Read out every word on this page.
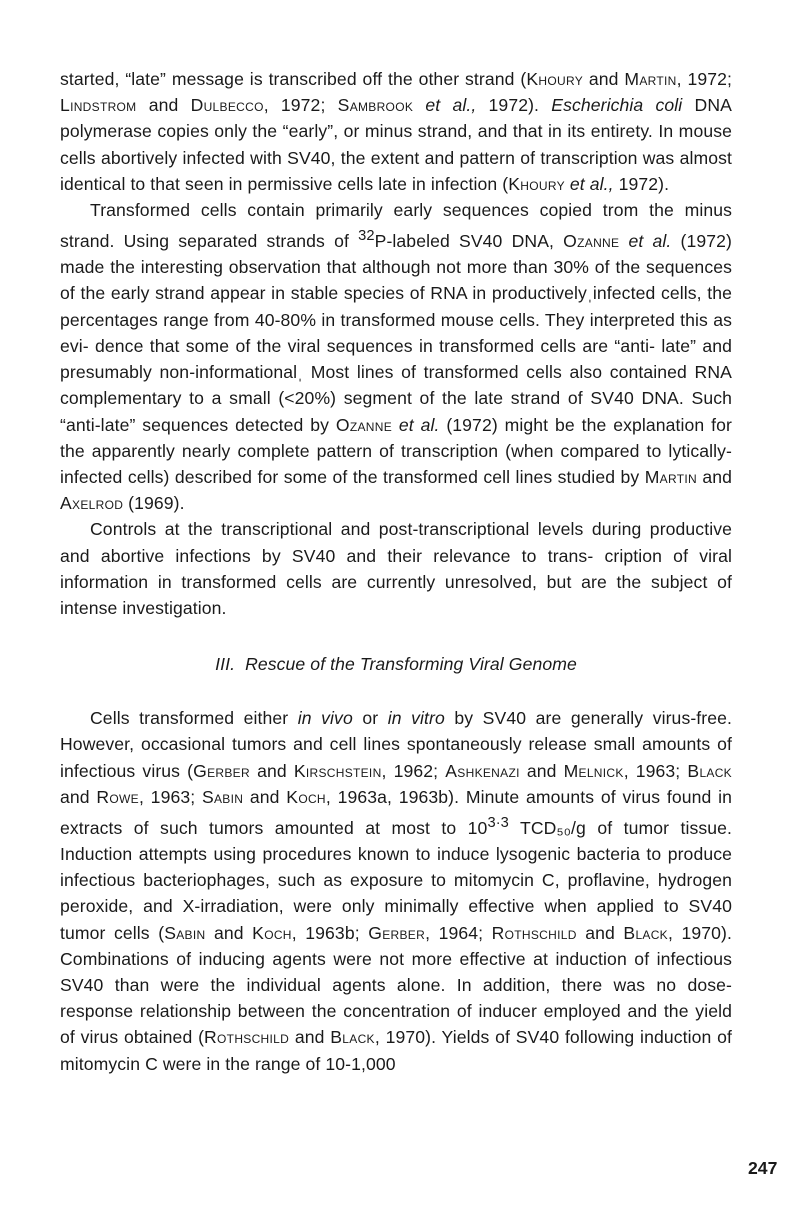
started, “late” message is transcribed off the other strand (Khoury and Martin, 1972; Lindstrom and Dulbecco, 1972; Sambrook et al., 1972). Escherichia coli DNA polymerase copies only the “early”, or minus strand, and that in its entirety. In mouse cells abortively infected with SV40, the extent and pattern of transcription was almost identical to that seen in permissive cells late in infection (Khoury et al., 1972).

Transformed cells contain primarily early sequences copied trom the minus strand. Using separated strands of $^{32}$P-labeled SV40 DNA, Ozanne et al. (1972) made the interesting observation that although not more than 30% of the sequences of the early strand appear in stable species of RNA in productivelyˌinfected cells, the percentages range from 40-80% in transformed mouse cells. They interpreted this as evi- dence that some of the viral sequences in transformed cells are “anti- late” and presumably non-informationalˌ Most lines of transformed cells also contained RNA complementary to a small (<20%) segment of the late strand of SV40 DNA. Such “anti-late” sequences detected by Ozanne et al. (1972) might be the explanation for the apparently nearly complete pattern of transcription (when compared to lytically-infected cells) described for some of the transformed cell lines studied by Martin and Axelrod (1969).

Controls at the transcriptional and post-transcriptional levels during productive and abortive infections by SV40 and their relevance to trans- cription of viral information in transformed cells are currently unresolved, but are the subject of intense investigation.

III. Rescue of the Transforming Viral Genome

Cells transformed either in vivo or in vitro by SV40 are generally virus-free. However, occasional tumors and cell lines spontaneously release small amounts of infectious virus (Gerber and Kirschstein, 1962; Ashkenazi and Melnick, 1963; Black and Rowe, 1963; Sabin and Koch, 1963a, 1963b). Minute amounts of virus found in extracts of such tumors amounted at most to $10^{3\cdot 3}$ TCD₅₀/g of tumor tissue. Induction attempts using procedures known to induce lysogenic bacteria to produce infectious bacteriophages, such as exposure to mitomycin C, proflavine, hydrogen peroxide, and X-irradiation, were only minimally effective when applied to SV40 tumor cells (Sabin and Koch, 1963b; Gerber, 1964; Rothschild and Black, 1970). Combinations of inducing agents were not more effective at induction of infectious SV40 than were the individual agents alone. In addition, there was no dose- response relationship between the concentration of inducer employed and the yield of virus obtained (Rothschild and Black, 1970). Yields of SV40 following induction of mitomycin C were in the range of 10-1,000

247
